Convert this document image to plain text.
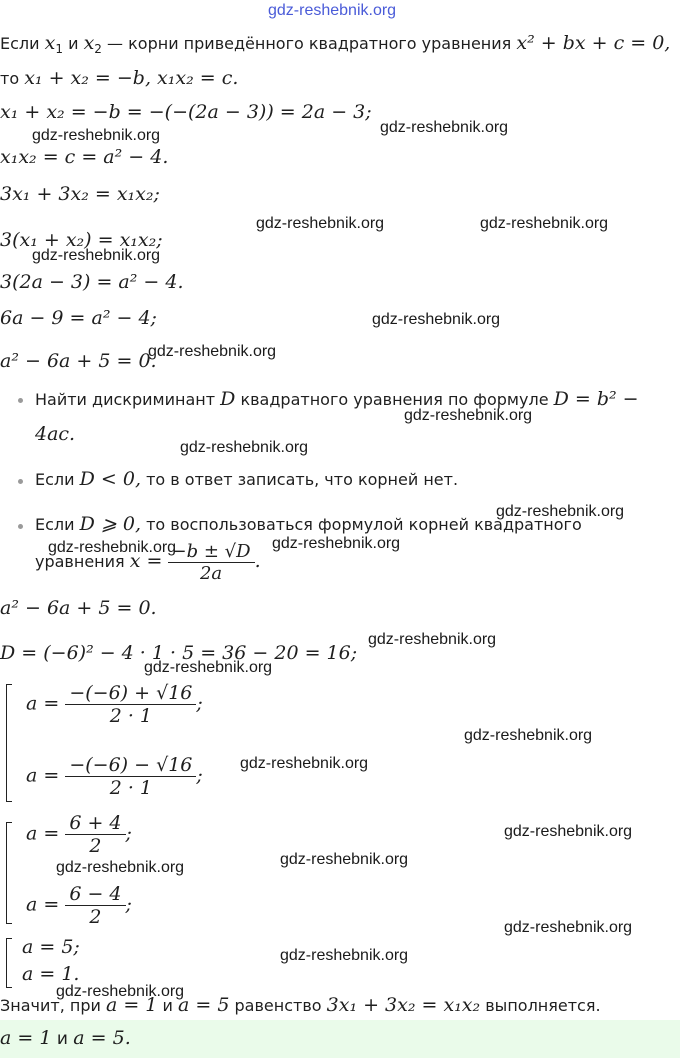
gdz-reshebnik.org
Если $x_1$ и $x_2$ — корни приведённого квадратного уравнения x² + bx + c = 0,
то x₁ + x₂ = −b, x₁x₂ = c.
x₁ + x₂ = −b = −(−(2a − 3)) = 2a − 3;
x₁x₂ = c = a² − 4.
3x₁ + 3x₂ = x₁x₂;
3(x₁ + x₂) = x₁x₂;
3(2a − 3) = a² − 4.
6a − 9 = a² − 4;
a² − 6a + 5 = 0.
Найти дискриминант D квадратного уравнения по формуле D = b² −
4ac.
Если D < 0, то в ответ записать, что корней нет.
Если D ⩾ 0, то воспользоваться формулой корней квадратного
уравнения $x = \frac{-b \pm √D}{2a}$ .
a² − 6a + 5 = 0.
D = (−6)² − 4 · 1 · 5 = 36 − 20 = 16;
$a = \frac{-(-6) + √16}{2 \cdot 1}$ ;
$a = \frac{-(-6) - √16}{2 \cdot 1}$ ;
$a = \frac{6 + 4}{2}$ ;
$a = \frac{6 - 4}{2}$ ;
a = 5;
a = 1.
Значит, при a = 1 и a = 5 равенство 3x₁ + 3x₂ = x₁x₂ выполняется.
a = 1 и a = 5.
gdz-reshebnik.org	gdz-reshebnik.org
gdz-reshebnik.org	gdz-reshebnik.org
gdz-reshebnik.org
gdz-reshebnik.org
gdz-reshebnik.org
gdz-reshebnik.org
gdz-reshebnik.org
gdz-reshebnik.org
gdz-reshebnik.org	gdz-reshebnik.org
gdz-reshebnik.org
gdz-reshebnik.org
gdz-reshebnik.org
gdz-reshebnik.org
gdz-reshebnik.org
gdz-reshebnik.org
gdz-reshebnik.org
gdz-reshebnik.org
gdz-reshebnik.org
gdz-reshebnik.org
